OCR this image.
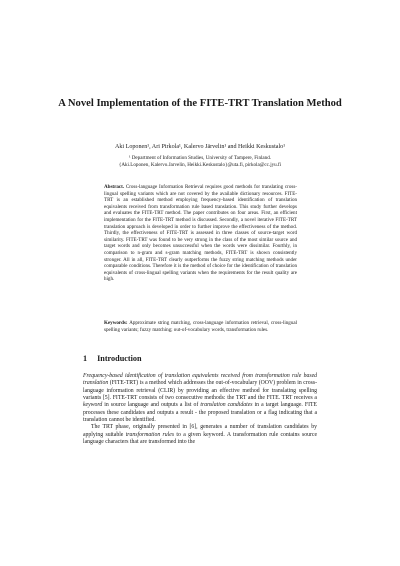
A Novel Implementation of the FITE-TRT Translation Method
Aki Loponen¹, Ari Pirkola¹, Kalervo Järvelin¹ and Heikki Keskustalo¹
¹ Department of Information Studies, University of Tampere, Finland.
{Aki.Loponen, Kalervo.Jarvelin, Heikki.Keskustalo}@uta.fi, pirkola@cc.jyu.fi
Abstract. Cross-language Information Retrieval requires good methods for translating cross-lingual spelling variants which are not covered by the available dictionary resources. FITE-TRT is an established method employing frequency-based identification of translation equivalents received from transformation rule based translation. This study further develops and evaluates the FITE-TRT method. The paper contributes on four areas. First, an efficient implementation for the FITE-TRT method is discussed. Secondly, a novel iterative FITE-TRT translation approach is developed in order to further improve the effectiveness of the method. Thirdly, the effectiveness of FITE-TRT is assessed in three classes of source-target word similarity. FITE-TRT was found to be very strong in the class of the most similar source and target words and only becomes unsuccessful when the words were dissimilar. Fourthly, in comparison to n-gram and s-gram matching methods, FITE-TRT is shown consistently stronger. All in all, FITE-TRT clearly outperforms the fuzzy string matching methods under comparable conditions. Therefore it is the method of choice for the identification of translation equivalents of cross-lingual spelling variants when the requirements for the result quality are high.
Keywords: Approximate string matching, cross-language information retrieval, cross-lingual spelling variants; fuzzy matching; out-of-vocabulary words, transformation rules.
1 Introduction

Frequency-based identification of translation equivalents received from transformation rule based translation (FITE-TRT) is a method which addresses the out-of-vocabulary (OOV) problem in cross-language information retrieval (CLIR) by providing an effective method for translating spelling variants [5]. FITE-TRT consists of two consecutive methods: the TRT and the FITE. TRT receives a keyword in source language and outputs a list of translation candidates in a target language. FITE processes these candidates and outputs a result - the proposed translation or a flag indicating that a translation cannot be identified.

The TRT phase, originally presented in [6], generates a number of translation candidates by applying suitable transformation rules to a given keyword. A transformation rule contains source language characters that are transformed into the
